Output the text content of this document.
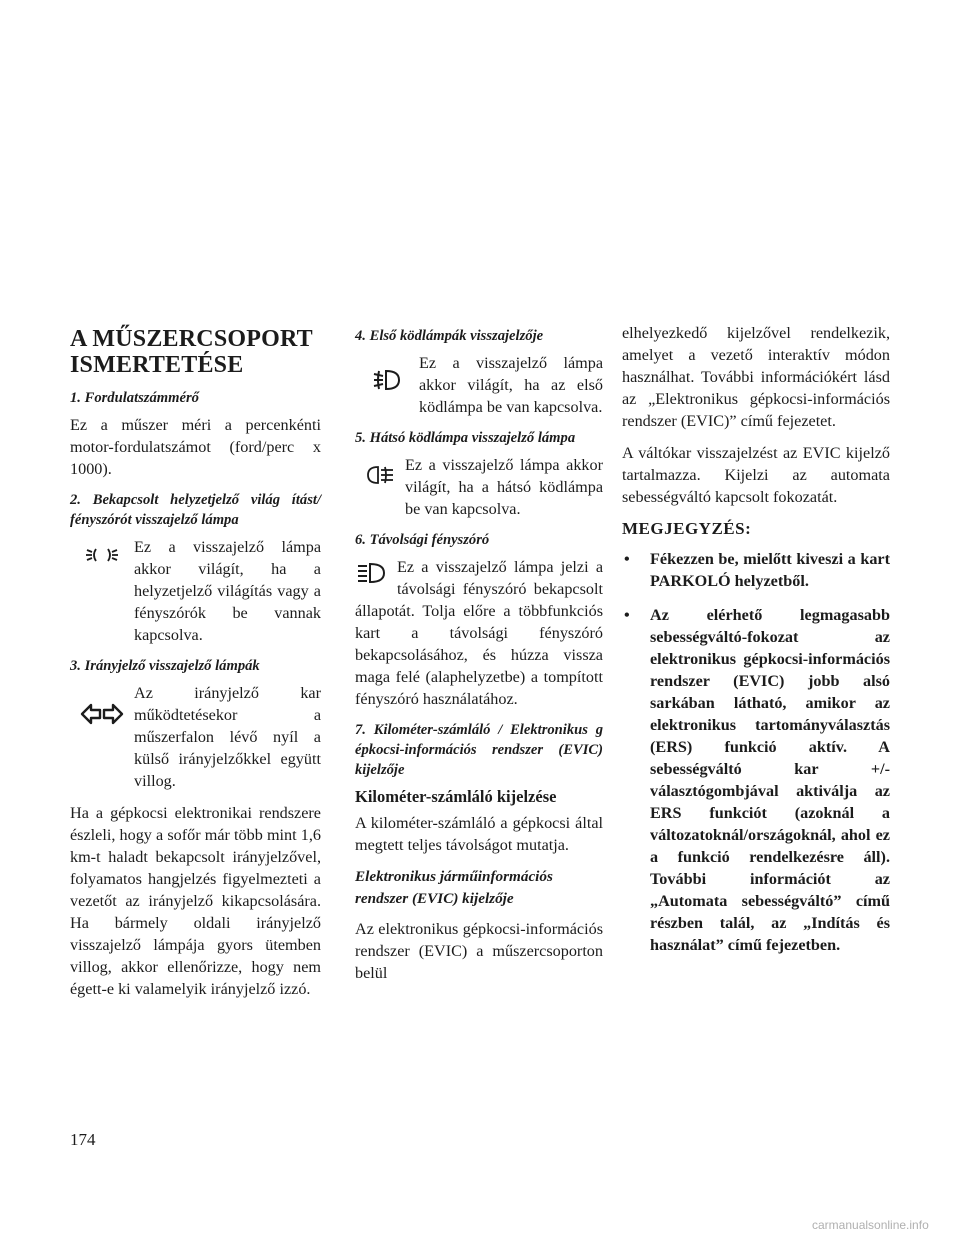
A MŰSZERCSOPORT
ISMERTETÉSE
1. Fordulatszámmérő

Ez a műszer méri a percenkénti motor-fordulatszámot (ford/perc x 1000).

2. Bekapcsolt helyzetjelző világ ítást/ fényszórót visszajelző lámpa

Ez a visszajelző lámpa akkor világít, ha a helyzetjelző világítás vagy a fényszórók be vannak kapcsolva.

3. Irányjelző visszajelző lámpák

Az irányjelző kar működtetésekor a műszerfalon lévő nyíl a külső irányjelzőkkel együtt villog.

Ha a gépkocsi elektronikai rendszere észleli, hogy a sofőr már több mint 1,6 km-t haladt bekapcsolt irányjelzővel, folyamatos hangjelzés figyelmezteti a vezetőt az irányjelző kikapcsolására. Ha bármely oldali irányjelző visszajelző lámpája gyors ütemben villog, akkor ellenőrizze, hogy nem égett-e ki valamelyik irányjelző izzó.

4. Első ködlámpák visszajelzője

Ez a visszajelző lámpa akkor világít, ha az első ködlámpa be van kapcsolva.

5. Hátsó ködlámpa visszajelző lámpa

Ez a visszajelző lámpa akkor világít, ha a hátsó ködlámpa be van kapcsolva.

6. Távolsági fényszóró

Ez a visszajelző lámpa jelzi a távolsági fényszóró bekapcsolt állapotát. Tolja előre a többfunkciós kart a távolsági fényszóró bekapcsolásához, és húzza vissza maga felé (alaphelyzetbe) a tompított fényszóró használatához.

7. Kilométer-számláló / Elektronikus g épkocsi-információs rendszer (EVIC) kijelzője
Kilométer-számláló kijelzése

A kilométer-számláló a gépkocsi által megtett teljes távolságot mutatja.

Elektronikus járműinformációs rendszer (EVIC) kijelzője

Az elektronikus gépkocsi-információs rendszer (EVIC) a műszercsoporton belül

elhelyezkedő kijelzővel rendelkezik, amelyet a vezető interaktív módon használhat. További információkért lásd az „Elektronikus gépkocsi-információs rendszer (EVIC)” című fejezetet.

A váltókar visszajelzést az EVIC kijelző tartalmazza. Kijelzi az automata sebességváltó kapcsolt fokozatát.

MEGJEGYZÉS:
• Fékezzen be, mielőtt kiveszi a kart PARKOLÓ helyzetből.
• Az elérhető legmagasabb sebességváltó-fokozat az elektronikus gépkocsi-információs rendszer (EVIC) jobb alsó sarkában látható, amikor az elektronikus tartományválasztás (ERS) funkció aktív. A sebességváltó kar +/- választógombjával aktiválja az ERS funkciót (azoknál a változatoknál/országoknál, ahol ez a funkció rendelkezésre áll). További információt az „Automata sebességváltó” című részben talál, az „Indítás és használat” című fejezetben.
174
carmanualsonline.info
